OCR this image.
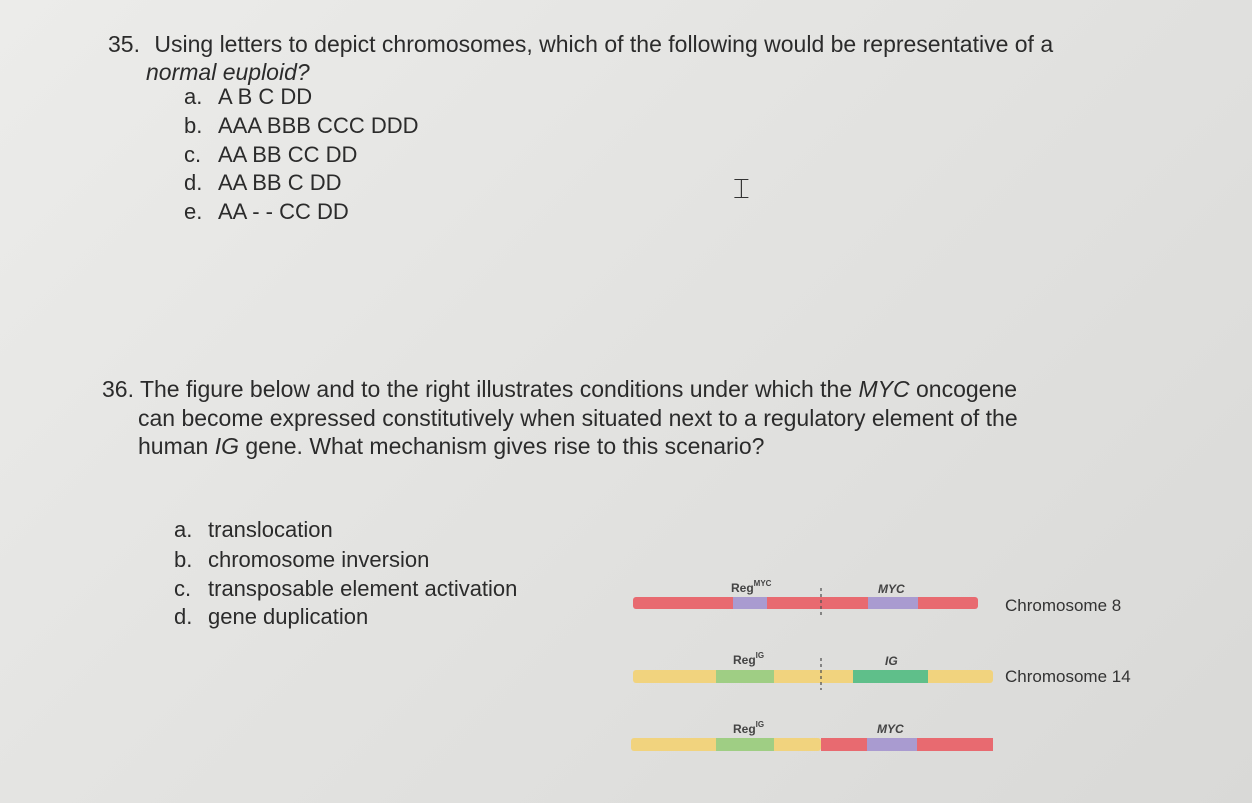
35. Using letters to depict chromosomes, which of the following would be representative of a
normal euploid?
a. A B C DD
b. AAA BBB CCC DDD
c. AA BB CC DD
d. AA BB C DD
e. AA - - CC DD
⌶
36. The figure below and to the right illustrates conditions under which the MYC oncogene
can become expressed constitutively when situated next to a regulatory element of the
human IG gene. What mechanism gives rise to this scenario?
a. translocation
b. chromosome inversion
c. transposable element activation
d. gene duplication
Reg$^{MYC}$	MYC
Chromosome 8
Reg$^{IG}$	IG
Chromosome 14
Reg$^{IG}$	MYC
